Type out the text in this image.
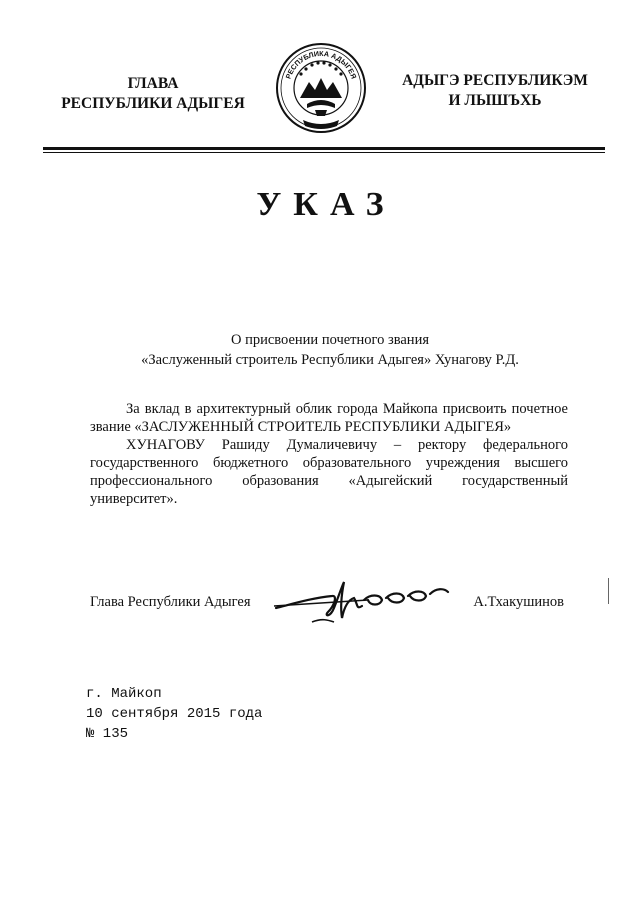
ГЛАВА
РЕСПУБЛИКИ АДЫГЕЯ
РЕСПУБЛИКА АДЫГЕЯ	АДЫГЭ РЕСПУБЛИКЭМ
И ЛЫШЪХЬ
УКАЗ
О присвоении почетного звания
«Заслуженный строитель Республики Адыгея» Хунагову Р.Д.

За вклад в архитектурный облик города Майкопа присвоить почетное звание «ЗАСЛУЖЕННЫЙ СТРОИТЕЛЬ РЕСПУБЛИКИ АДЫГЕЯ»

ХУНАГОВУ Рашиду Думаличевичу – ректору федерального государственного бюджетного образовательного учреждения высшего профессионального образования «Адыгейский государственный университет».

Глава Республики Адыгея	А.Тхакушинов
г. Майкоп
10 сентября 2015 года
№ 135
